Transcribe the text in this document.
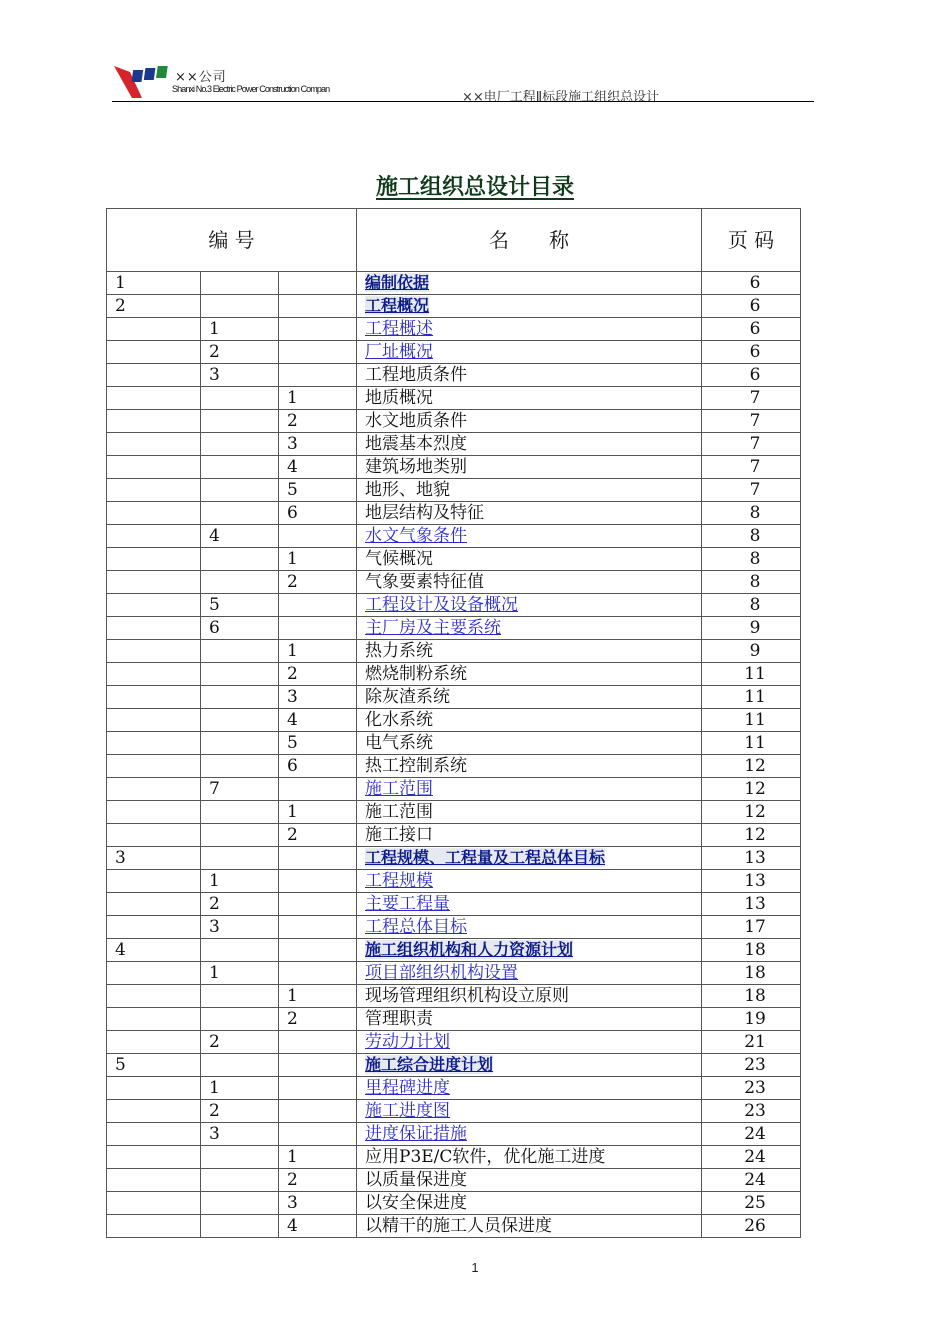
××公司
Shanxi No.3 Electric Power Construction Compan
××电厂工程Ⅱ标段施工组织总设计
施工组织总设计目录
编 号			名　　称	页 码
1			编制依据	6
2			工程概况	6
	1		工程概述	6
	2		厂址概况	6
	3		工程地质条件	6
		1	地质概况	7
		2	水文地质条件	7
		3	地震基本烈度	7
		4	建筑场地类别	7
		5	地形、地貌	7
		6	地层结构及特征	8
	4		水文气象条件	8
		1	气候概况	8
		2	气象要素特征值	8
	5		工程设计及设备概况	8
	6		主厂房及主要系统	9
		1	热力系统	9
		2	燃烧制粉系统	11
		3	除灰渣系统	11
		4	化水系统	11
		5	电气系统	11
		6	热工控制系统	12
	7		施工范围	12
		1	施工范围	12
		2	施工接口	12
3			工程规模、工程量及工程总体目标	13
	1		工程规模	13
	2		主要工程量	13
	3		工程总体目标	17
4			施工组织机构和人力资源计划	18
	1		项目部组织机构设置	18
		1	现场管理组织机构设立原则	18
		2	管理职责	19
	2		劳动力计划	21
5			施工综合进度计划	23
	1		里程碑进度	23
	2		施工进度图	23
	3		进度保证措施	24
		1	应用P3E/C软件，优化施工进度	24
		2	以质量保进度	24
		3	以安全保进度	25
		4	以精干的施工人员保进度	26
1
